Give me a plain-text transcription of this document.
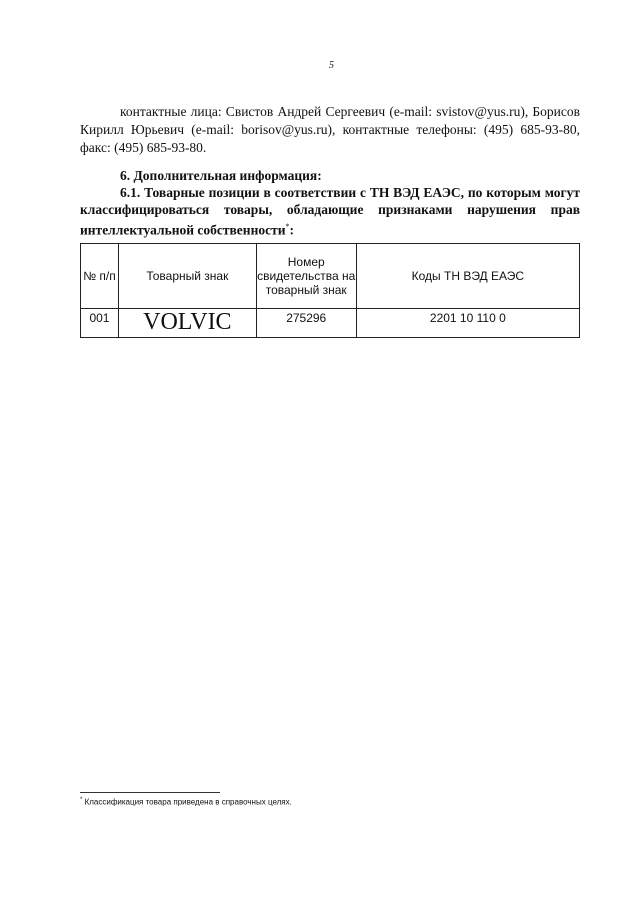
5
контактные лица: Свистов Андрей Сергеевич (e-mail: svistov@yus.ru), Борисов Кирилл Юрьевич (e-mail: borisov@yus.ru), контактные телефоны: (495) 685-93-80, факс: (495) 685-93-80.
6. Дополнительная информация:
6.1. Товарные позиции в соответствии с ТН ВЭД ЕАЭС, по которым могут классифицироваться товары, обладающие признаками нарушения прав интеллектуальной собственности*:
№ п/п	Товарный знак	Номер свидетельства на товарный знак	Коды ТН ВЭД ЕАЭС
001	VOLVIC	275296	2201 10 110 0
* Классификация товара приведена в справочных целях.
